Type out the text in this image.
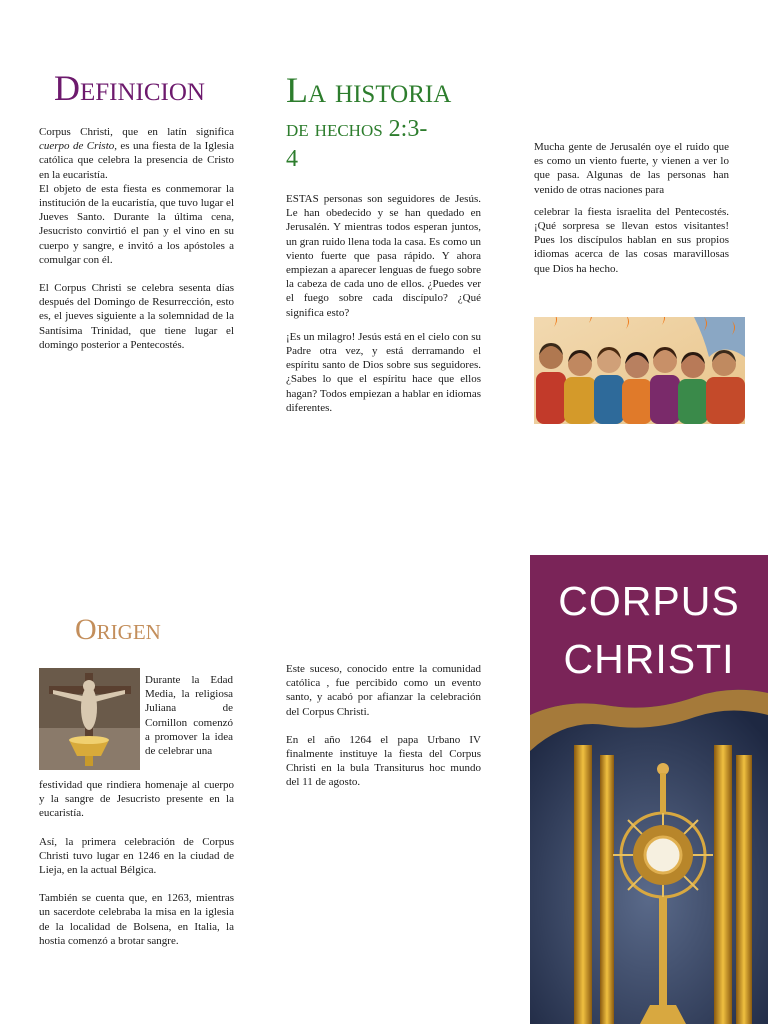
Definicion

Corpus Christi, que en latín significa cuerpo de Cristo, es una fiesta de la Iglesia católica que celebra la presencia de Cristo en la eucaristía.

El objeto de esta fiesta es conmemorar la institución de la eucaristía, que tuvo lugar el Jueves Santo. Durante la última cena, Jesucristo convirtió el pan y el vino en su cuerpo y sangre, e invitó a los apóstoles a comulgar con él.

El Corpus Christi se celebra sesenta días después del Domingo de Resurrección, esto es, el jueves siguiente a la solemnidad de la Santísima Trinidad, que tiene lugar el domingo posterior a Pentecostés.

La historia
de hechos 2:3-
4

ESTAS personas son seguidores de Jesús. Le han obedecido y se han quedado en Jerusalén. Y mientras todos esperan juntos, un gran ruido llena toda la casa. Es como un viento fuerte que pasa rápido. Y ahora empiezan a aparecer lenguas de fuego sobre la cabeza de cada uno de ellos. ¿Puedes ver el fuego sobre cada discípulo? ¿Qué significa esto?

¡Es un milagro! Jesús está en el cielo con su Padre otra vez, y está derramando el espíritu santo de Dios sobre sus seguidores. ¿Sabes lo que el espíritu hace que ellos hagan? Todos empiezan a hablar en idiomas diferentes.

Mucha gente de Jerusalén oye el ruido que es como un viento fuerte, y vienen a ver lo que pasa. Algunas de las personas han venido de otras naciones para

celebrar la fiesta israelita del Pentecostés. ¡Qué sorpresa se llevan estos visitantes! Pues los discípulos hablan en sus propios idiomas acerca de las cosas maravillosas que Dios ha hecho.

Origen

Durante la Edad Media, la religiosa Juliana de Cornillon comenzó a promover la idea de celebrar una

festividad que rindiera homenaje al cuerpo y la sangre de Jesucristo presente en la eucaristía.

Así, la primera celebración de Corpus Christi tuvo lugar en 1246 en la ciudad de Lieja, en la actual Bélgica.

También se cuenta que, en 1263, mientras un sacerdote celebraba la misa en la iglesia de la localidad de Bolsena, en Italia, la hostia comenzó a brotar sangre.

Este suceso, conocido entre la comunidad católica , fue percibido como un evento santo, y acabó por afianzar la celebración del Corpus Christi.

En el año 1264 el papa Urbano IV finalmente instituye la fiesta del Corpus Christi en la bula Transiturus hoc mundo del 11 de agosto.

CORPUS
CHRISTI
